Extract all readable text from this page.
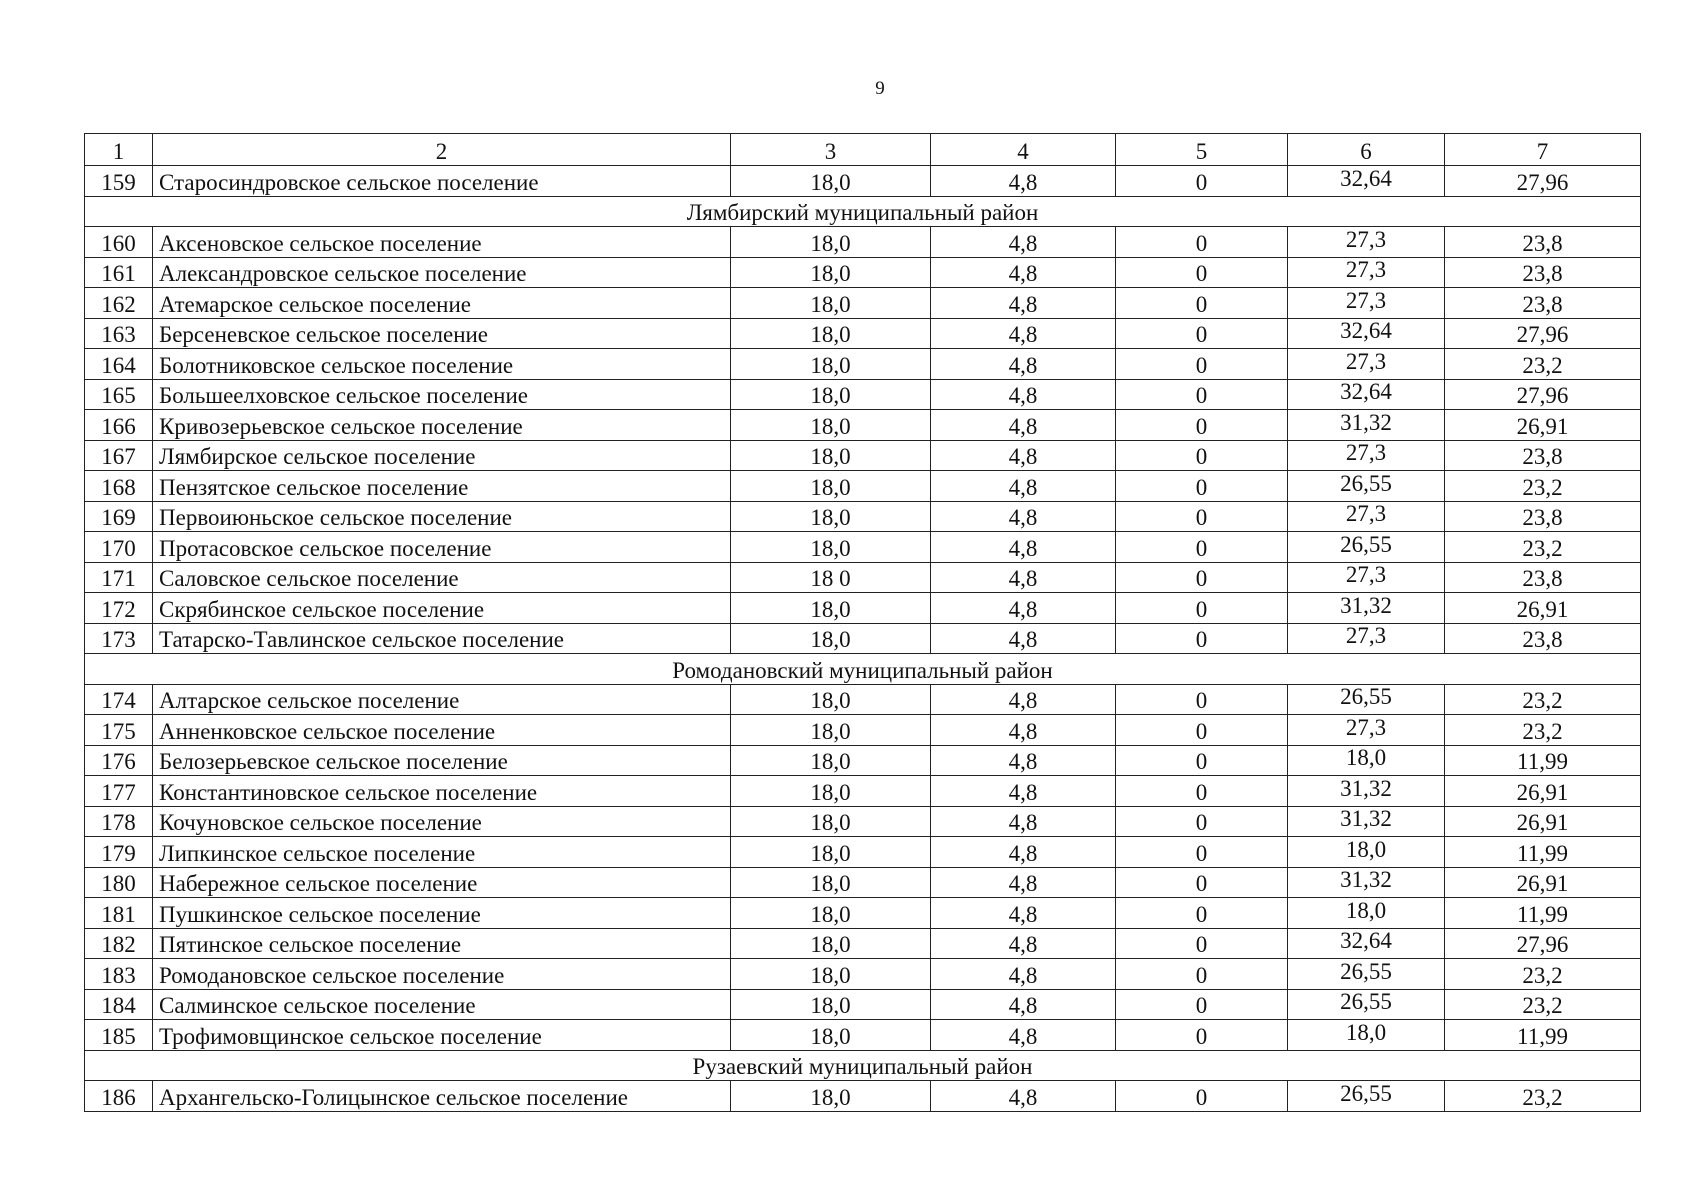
9
1	2	3	4	5	6	7
159	Старосиндровское сельское поселение	18,0	4,8	0	32,64	27,96
Лямбирский муниципальный район						
160	Аксеновское сельское поселение	18,0	4,8	0	27,3	23,8
161	Александровское сельское поселение	18,0	4,8	0	27,3	23,8
162	Атемарское сельское поселение	18,0	4,8	0	27,3	23,8
163	Берсеневское сельское поселение	18,0	4,8	0	32,64	27,96
164	Болотниковское сельское поселение	18,0	4,8	0	27,3	23,2
165	Большеелховское сельское поселение	18,0	4,8	0	32,64	27,96
166	Кривозерьевское сельское поселение	18,0	4,8	0	31,32	26,91
167	Лямбирское сельское поселение	18,0	4,8	0	27,3	23,8
168	Пензятское сельское поселение	18,0	4,8	0	26,55	23,2
169	Первоиюньское сельское поселение	18,0	4,8	0	27,3	23,8
170	Протасовское сельское поселение	18,0	4,8	0	26,55	23,2
171	Саловское сельское поселение	18 0	4,8	0	27,3	23,8
172	Скрябинское сельское поселение	18,0	4,8	0	31,32	26,91
173	Татарско-Тавлинское сельское поселение	18,0	4,8	0	27,3	23,8
Ромодановский муниципальный район						
174	Алтарское сельское поселение	18,0	4,8	0	26,55	23,2
175	Анненковское сельское поселение	18,0	4,8	0	27,3	23,2
176	Белозерьевское сельское поселение	18,0	4,8	0	18,0	11,99
177	Константиновское сельское поселение	18,0	4,8	0	31,32	26,91
178	Кочуновское сельское поселение	18,0	4,8	0	31,32	26,91
179	Липкинское сельское поселение	18,0	4,8	0	18,0	11,99
180	Набережное сельское поселение	18,0	4,8	0	31,32	26,91
181	Пушкинское сельское поселение	18,0	4,8	0	18,0	11,99
182	Пятинское сельское поселение	18,0	4,8	0	32,64	27,96
183	Ромодановское сельское поселение	18,0	4,8	0	26,55	23,2
184	Салминское сельское поселение	18,0	4,8	0	26,55	23,2
185	Трофимовщинское сельское поселение	18,0	4,8	0	18,0	11,99
Рузаевский муниципальный район						
186	Архангельско-Голицынское сельское поселение	18,0	4,8	0	26,55	23,2
